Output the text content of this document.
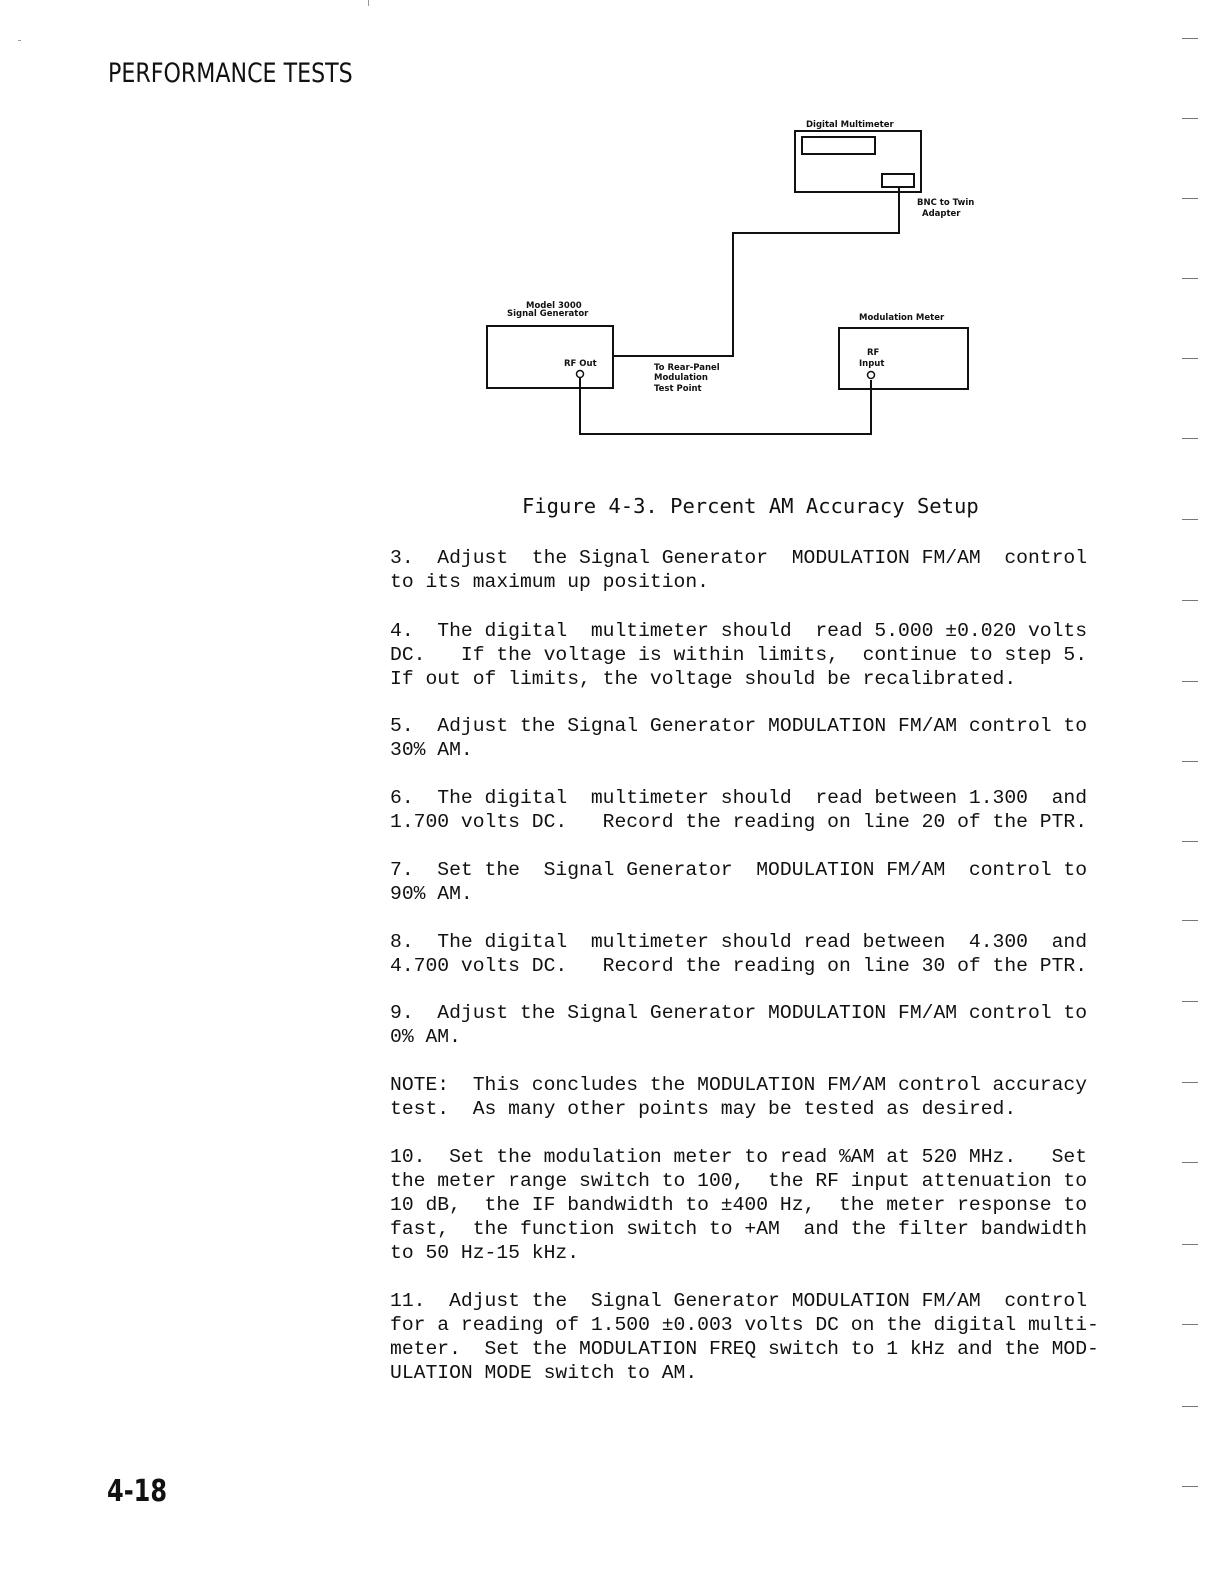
PERFORMANCE TESTS
Digital Multimeter
BNC to Twin
Adapter
Model 3000
Signal Generator
RF Out
Modulation Meter
RF
Input
To Rear-Panel
Modulation
Test Point
Figure 4-3. Percent AM Accuracy Setup

3.  Adjust  the Signal Generator  MODULATION FM/AM  control
to its maximum up position.

4.  The digital  multimeter should  read 5.000 ±0.020 volts
DC.   If the voltage is within limits,  continue to step 5.
If out of limits, the voltage should be recalibrated.

5.  Adjust the Signal Generator MODULATION FM/AM control to
30% AM.

6.  The digital  multimeter should  read between 1.300  and
1.700 volts DC.   Record the reading on line 20 of the PTR.

7.  Set the  Signal Generator  MODULATION FM/AM  control to
90% AM.

8.  The digital  multimeter should read between  4.300  and
4.700 volts DC.   Record the reading on line 30 of the PTR.

9.  Adjust the Signal Generator MODULATION FM/AM control to
0% AM.

NOTE:  This concludes the MODULATION FM/AM control accuracy
test.  As many other points may be tested as desired.

10.  Set the modulation meter to read %AM at 520 MHz.   Set
the meter range switch to 100,  the RF input attenuation to
10 dB,  the IF bandwidth to ±400 Hz,  the meter response to
fast,  the function switch to +AM  and the filter bandwidth
to 50 Hz-15 kHz.

11.  Adjust the  Signal Generator MODULATION FM/AM  control
for a reading of 1.500 ±0.003 volts DC on the digital multi-
meter.  Set the MODULATION FREQ switch to 1 kHz and the MOD-
ULATION MODE switch to AM.

4-18
